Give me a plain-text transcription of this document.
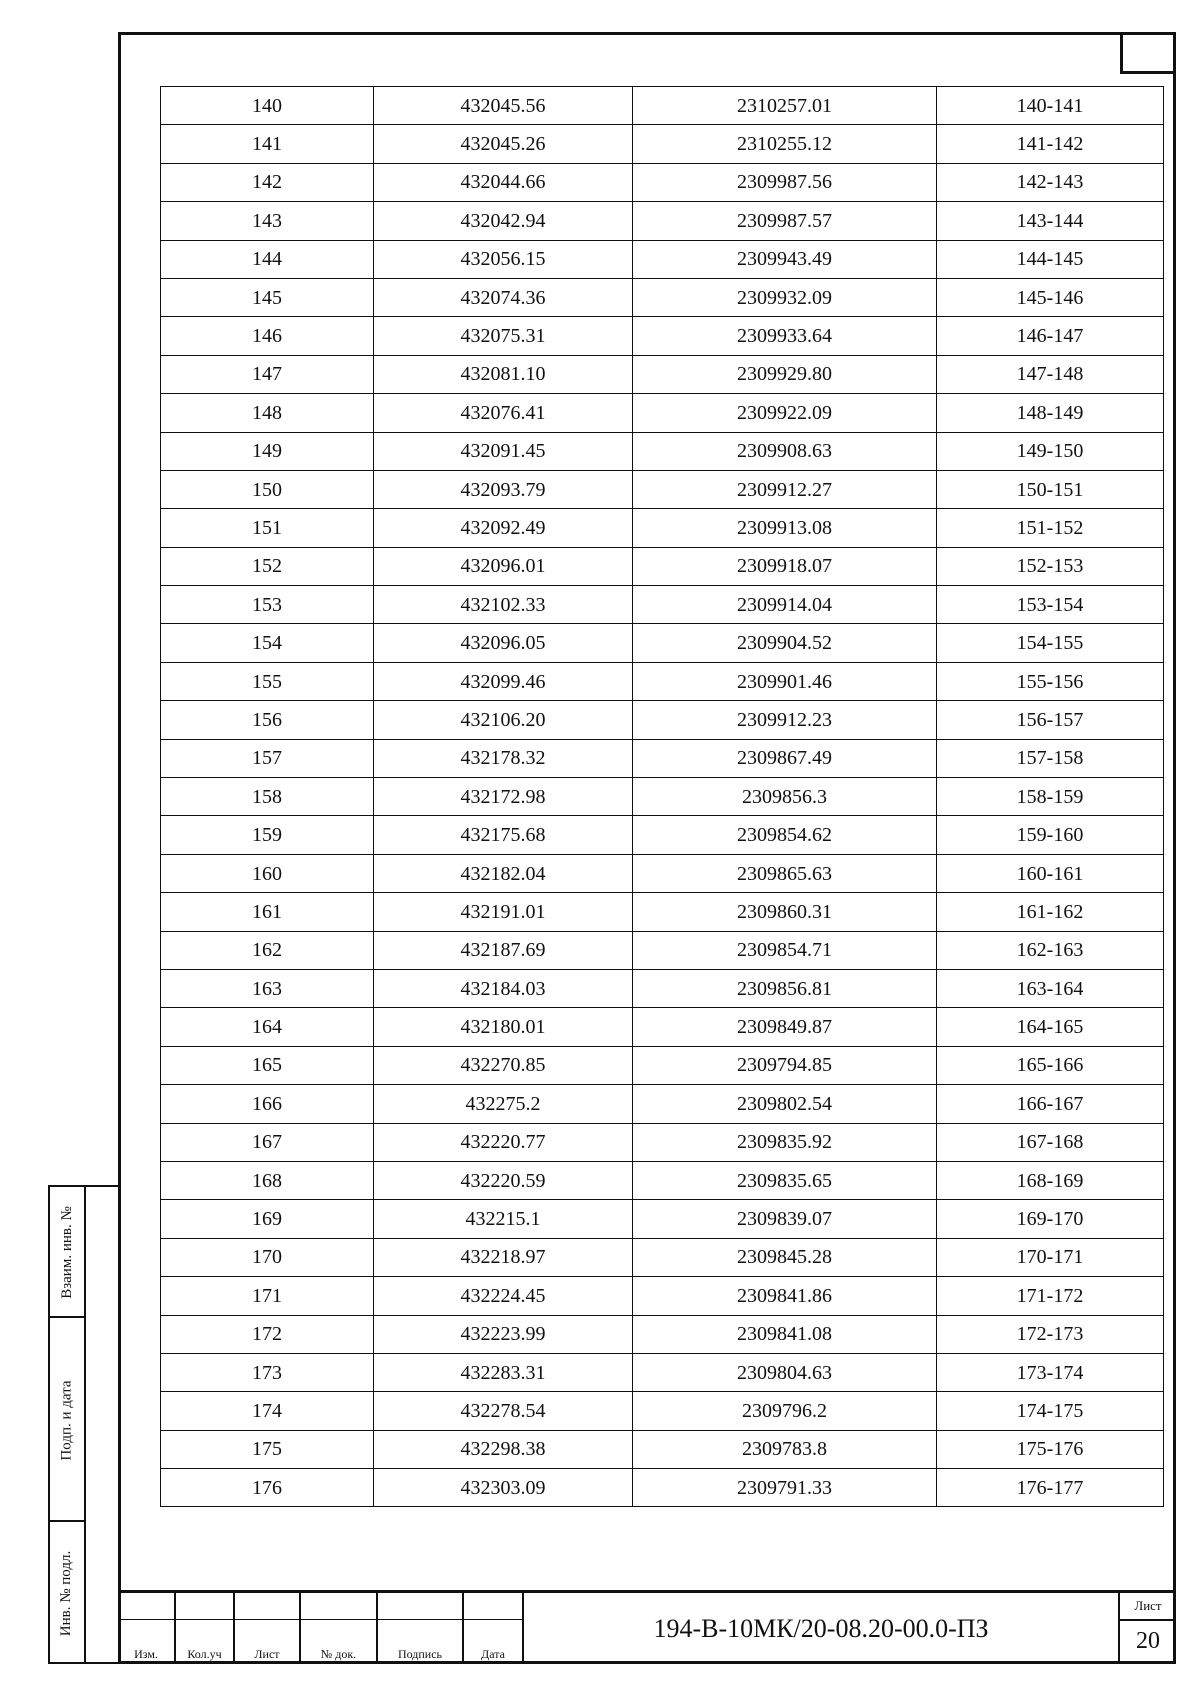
140	432045.56	2310257.01	140-141
141	432045.26	2310255.12	141-142
142	432044.66	2309987.56	142-143
143	432042.94	2309987.57	143-144
144	432056.15	2309943.49	144-145
145	432074.36	2309932.09	145-146
146	432075.31	2309933.64	146-147
147	432081.10	2309929.80	147-148
148	432076.41	2309922.09	148-149
149	432091.45	2309908.63	149-150
150	432093.79	2309912.27	150-151
151	432092.49	2309913.08	151-152
152	432096.01	2309918.07	152-153
153	432102.33	2309914.04	153-154
154	432096.05	2309904.52	154-155
155	432099.46	2309901.46	155-156
156	432106.20	2309912.23	156-157
157	432178.32	2309867.49	157-158
158	432172.98	2309856.3	158-159
159	432175.68	2309854.62	159-160
160	432182.04	2309865.63	160-161
161	432191.01	2309860.31	161-162
162	432187.69	2309854.71	162-163
163	432184.03	2309856.81	163-164
164	432180.01	2309849.87	164-165
165	432270.85	2309794.85	165-166
166	432275.2	2309802.54	166-167
167	432220.77	2309835.92	167-168
168	432220.59	2309835.65	168-169
169	432215.1	2309839.07	169-170
170	432218.97	2309845.28	170-171
171	432224.45	2309841.86	171-172
172	432223.99	2309841.08	172-173
173	432283.31	2309804.63	173-174
174	432278.54	2309796.2	174-175
175	432298.38	2309783.8	175-176
176	432303.09	2309791.33	176-177
Взаим. инв. №
Подп. и дата
Инв. № подл.
Изм.	Кол.уч	Лист	№ док.	Подпись	Дата
194-В-10МК/20-08.20-00.0-ПЗ
Лист
20
